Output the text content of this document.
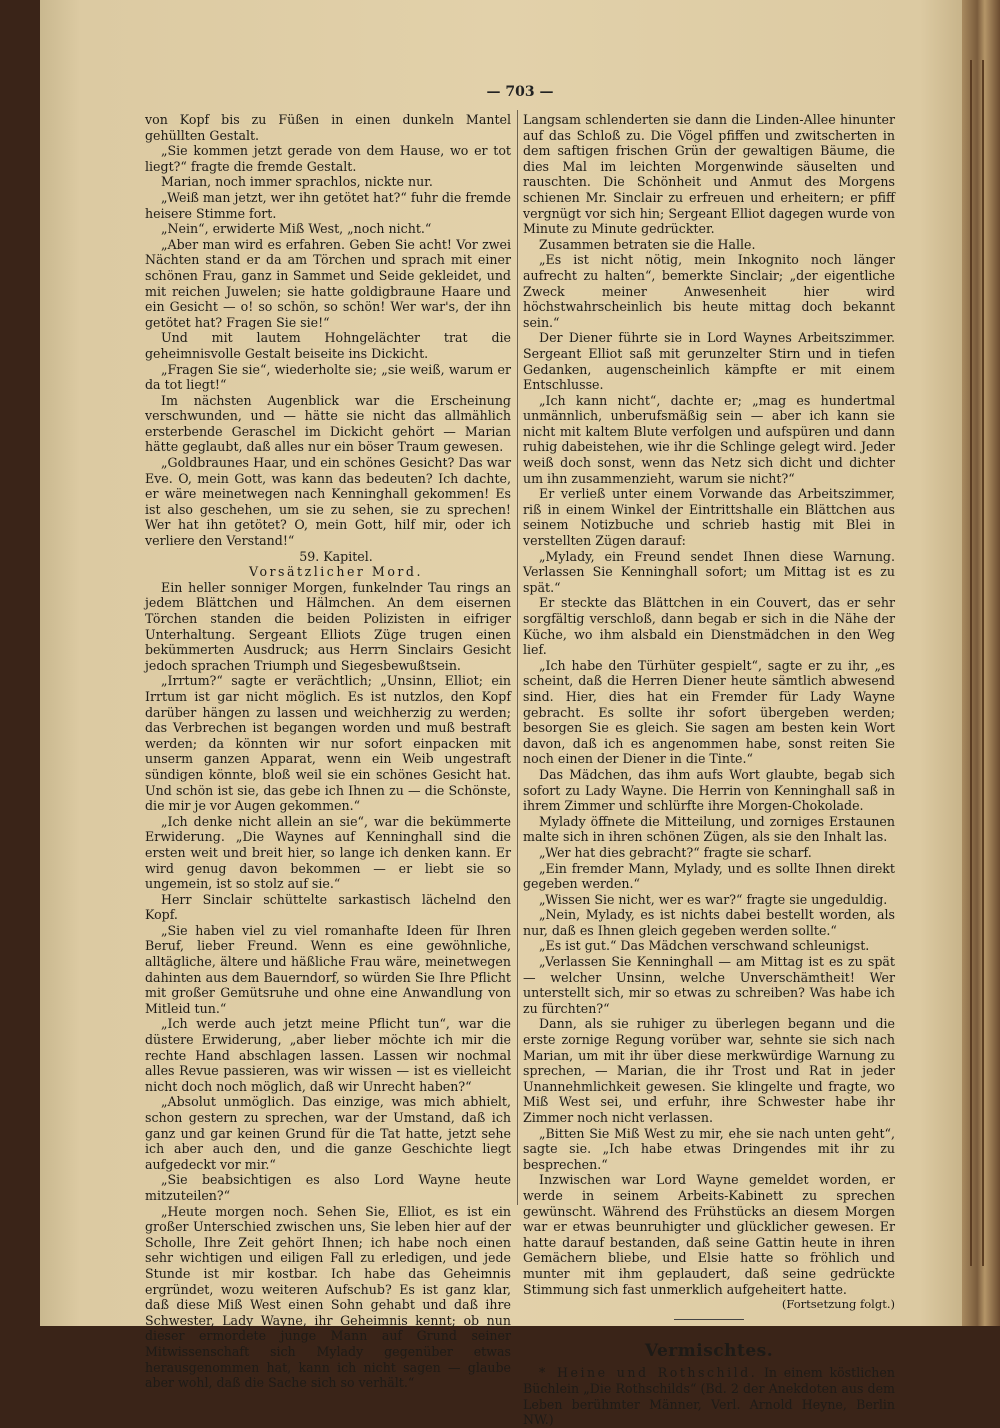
— 703 —

von Kopf bis zu Füßen in einen dunkeln Mantel gehüllten Gestalt.

„Sie kommen jetzt gerade von dem Hause, wo er tot liegt?“ fragte die fremde Gestalt.

Marian, noch immer sprachlos, nickte nur.

„Weiß man jetzt, wer ihn getötet hat?“ fuhr die fremde heisere Stimme fort.

„Nein“, erwiderte Miß West, „noch nicht.“

„Aber man wird es erfahren. Geben Sie acht! Vor zwei Nächten stand er da am Törchen und sprach mit einer schönen Frau, ganz in Sammet und Seide gekleidet, und mit reichen Juwelen; sie hatte goldigbraune Haare und ein Gesicht — o! so schön, so schön! Wer war's, der ihn getötet hat? Fragen Sie sie!“

Und mit lautem Hohngelächter trat die geheimnisvolle Gestalt beiseite ins Dickicht.

„Fragen Sie sie“, wiederholte sie; „sie weiß, warum er da tot liegt!“

Im nächsten Augenblick war die Erscheinung verschwunden, und — hätte sie nicht das allmählich ersterbende Geraschel im Dickicht gehört — Marian hätte geglaubt, daß alles nur ein böser Traum gewesen.

„Goldbraunes Haar, und ein schönes Gesicht? Das war Eve. O, mein Gott, was kann das bedeuten? Ich dachte, er wäre meinetwegen nach Kenninghall gekommen! Es ist also geschehen, um sie zu sehen, sie zu sprechen! Wer hat ihn getötet? O, mein Gott, hilf mir, oder ich verliere den Verstand!“

59. Kapitel.

Vorsätzlicher Mord.

Ein heller sonniger Morgen, funkelnder Tau rings an jedem Blättchen und Hälmchen. An dem eisernen Törchen standen die beiden Polizisten in eifriger Unterhaltung. Sergeant Elliots Züge trugen einen bekümmerten Ausdruck; aus Herrn Sinclairs Gesicht jedoch sprachen Triumph und Siegesbewußtsein.

„Irrtum?“ sagte er verächtlich; „Unsinn, Elliot; ein Irrtum ist gar nicht möglich. Es ist nutzlos, den Kopf darüber hängen zu lassen und weichherzig zu werden; das Verbrechen ist begangen worden und muß bestraft werden; da könnten wir nur sofort einpacken mit unserm ganzen Apparat, wenn ein Weib ungestraft sündigen könnte, bloß weil sie ein schönes Gesicht hat. Und schön ist sie, das gebe ich Ihnen zu — die Schönste, die mir je vor Augen gekommen.“

„Ich denke nicht allein an sie“, war die bekümmerte Erwiderung. „Die Waynes auf Kenninghall sind die ersten weit und breit hier, so lange ich denken kann. Er wird genug davon bekommen — er liebt sie so ungemein, ist so stolz auf sie.“

Herr Sinclair schüttelte sarkastisch lächelnd den Kopf.

„Sie haben viel zu viel romanhafte Ideen für Ihren Beruf, lieber Freund. Wenn es eine gewöhnliche, alltägliche, ältere und häßliche Frau wäre, meinetwegen dahinten aus dem Bauerndorf, so würden Sie Ihre Pflicht mit großer Gemütsruhe und ohne eine Anwandlung von Mitleid tun.“

„Ich werde auch jetzt meine Pflicht tun“, war die düstere Erwiderung, „aber lieber möchte ich mir die rechte Hand abschlagen lassen. Lassen wir nochmal alles Revue passieren, was wir wissen — ist es vielleicht nicht doch noch möglich, daß wir Unrecht haben?“

„Absolut unmöglich. Das einzige, was mich abhielt, schon gestern zu sprechen, war der Umstand, daß ich ganz und gar keinen Grund für die Tat hatte, jetzt sehe ich aber auch den, und die ganze Geschichte liegt aufgedeckt vor mir.“

„Sie beabsichtigen es also Lord Wayne heute mitzuteilen?“

„Heute morgen noch. Sehen Sie, Elliot, es ist ein großer Unterschied zwischen uns, Sie leben hier auf der Scholle, Ihre Zeit gehört Ihnen; ich habe noch einen sehr wichtigen und eiligen Fall zu erledigen, und jede Stunde ist mir kostbar. Ich habe das Geheimnis ergründet, wozu weiteren Aufschub? Es ist ganz klar, daß diese Miß West einen Sohn gehabt und daß ihre Schwester, Lady Wayne, ihr Geheimnis kennt; ob nun dieser ermordete junge Mann auf Grund seiner Mitwissenschaft sich Mylady gegenüber etwas herausgenommen hat, kann ich nicht sagen — glaube aber wohl, daß die Sache sich so verhält.“

Langsam schlenderten sie dann die Linden-Allee hinunter auf das Schloß zu. Die Vögel pfiffen und zwitscherten in dem saftigen frischen Grün der gewaltigen Bäume, die dies Mal im leichten Morgenwinde säuselten und rauschten. Die Schönheit und Anmut des Morgens schienen Mr. Sinclair zu erfreuen und erheitern; er pfiff vergnügt vor sich hin; Sergeant Elliot dagegen wurde von Minute zu Minute gedrückter.

Zusammen betraten sie die Halle.

„Es ist nicht nötig, mein Inkognito noch länger aufrecht zu halten“, bemerkte Sinclair; „der eigentliche Zweck meiner Anwesenheit hier wird höchstwahrscheinlich bis heute mittag doch bekannt sein.“

Der Diener führte sie in Lord Waynes Arbeitszimmer. Sergeant Elliot saß mit gerunzelter Stirn und in tiefen Gedanken, augenscheinlich kämpfte er mit einem Entschlusse.

„Ich kann nicht“, dachte er; „mag es hundertmal unmännlich, unberufsmäßig sein — aber ich kann sie nicht mit kaltem Blute verfolgen und aufspüren und dann ruhig dabeistehen, wie ihr die Schlinge gelegt wird. Jeder weiß doch sonst, wenn das Netz sich dicht und dichter um ihn zusammenzieht, warum sie nicht?“

Er verließ unter einem Vorwande das Arbeitszimmer, riß in einem Winkel der Eintrittshalle ein Blättchen aus seinem Notizbuche und schrieb hastig mit Blei in verstellten Zügen darauf:

„Mylady, ein Freund sendet Ihnen diese Warnung. Verlassen Sie Kenninghall sofort; um Mittag ist es zu spät.“

Er steckte das Blättchen in ein Couvert, das er sehr sorgfältig verschloß, dann begab er sich in die Nähe der Küche, wo ihm alsbald ein Dienstmädchen in den Weg lief.

„Ich habe den Türhüter gespielt“, sagte er zu ihr, „es scheint, daß die Herren Diener heute sämtlich abwesend sind. Hier, dies hat ein Fremder für Lady Wayne gebracht. Es sollte ihr sofort übergeben werden; besorgen Sie es gleich. Sie sagen am besten kein Wort davon, daß ich es angenommen habe, sonst reiten Sie noch einen der Diener in die Tinte.“

Das Mädchen, das ihm aufs Wort glaubte, begab sich sofort zu Lady Wayne. Die Herrin von Kenninghall saß in ihrem Zimmer und schlürfte ihre Morgen-Chokolade.

Mylady öffnete die Mitteilung, und zorniges Erstaunen malte sich in ihren schönen Zügen, als sie den Inhalt las.

„Wer hat dies gebracht?“ fragte sie scharf.

„Ein fremder Mann, Mylady, und es sollte Ihnen direkt gegeben werden.“

„Wissen Sie nicht, wer es war?“ fragte sie ungeduldig.

„Nein, Mylady, es ist nichts dabei bestellt worden, als nur, daß es Ihnen gleich gegeben werden sollte.“

„Es ist gut.“ Das Mädchen verschwand schleunigst.

„Verlassen Sie Kenninghall — am Mittag ist es zu spät — welcher Unsinn, welche Unverschämtheit! Wer unterstellt sich, mir so etwas zu schreiben? Was habe ich zu fürchten?“

Dann, als sie ruhiger zu überlegen begann und die erste zornige Regung vorüber war, sehnte sie sich nach Marian, um mit ihr über diese merkwürdige Warnung zu sprechen, — Marian, die ihr Trost und Rat in jeder Unannehmlichkeit gewesen. Sie klingelte und fragte, wo Miß West sei, und erfuhr, ihre Schwester habe ihr Zimmer noch nicht verlassen.

„Bitten Sie Miß West zu mir, ehe sie nach unten geht“, sagte sie. „Ich habe etwas Dringendes mit ihr zu besprechen.“

Inzwischen war Lord Wayne gemeldet worden, er werde in seinem Arbeits-Kabinett zu sprechen gewünscht. Während des Frühstücks an diesem Morgen war er etwas beunruhigter und glücklicher gewesen. Er hatte darauf bestanden, daß seine Gattin heute in ihren Gemächern bliebe, und Elsie hatte so fröhlich und munter mit ihm geplaudert, daß seine gedrückte Stimmung sich fast unmerklich aufgeheitert hatte.

(Fortsetzung folgt.)

Vermischtes.

* Heine und Rothschild. In einem köstlichen Büchlein „Die Rothschilds“ (Bd. 2 der Anekdoten aus dem Leben berühmter Männer, Verl. Arnold Heyne, Berlin NW.)
